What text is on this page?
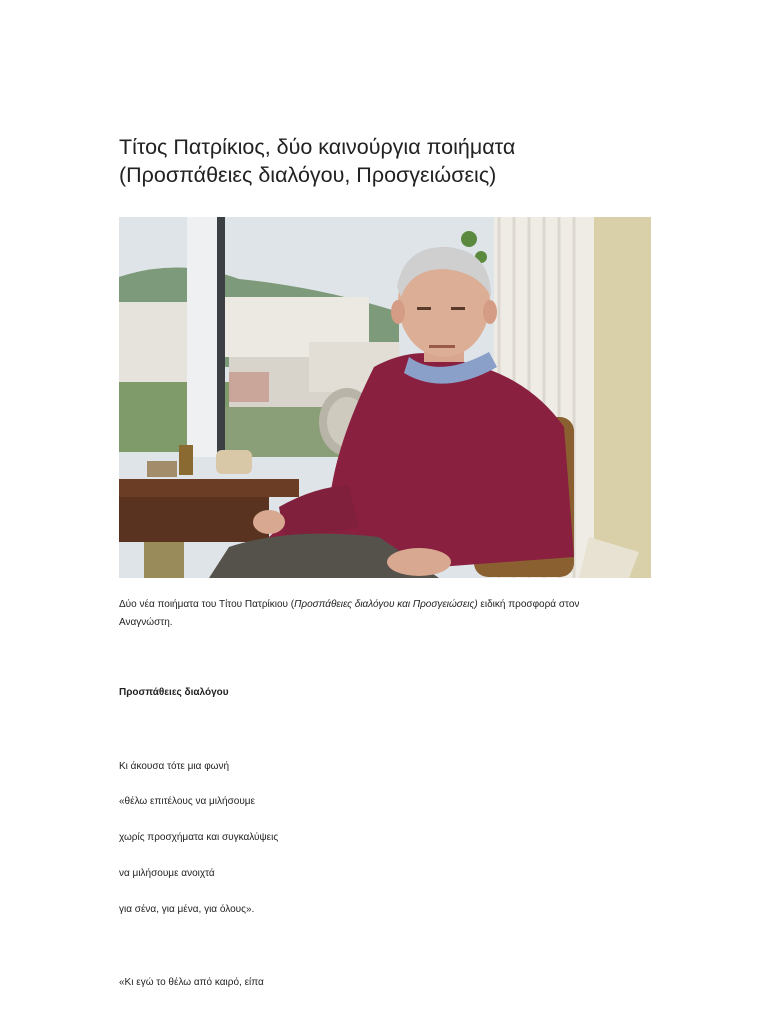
Τίτος Πατρίκιος, δύο καινούργια ποιήματα
(Προσπάθειες διαλόγου, Προσγειώσεις)
Δύο νέα ποιήματα του Τίτου Πατρίκιου (Προσπάθειες διαλόγου και Προσγειώσεις) ειδική προσφορά στον
Αναγνώστη.
Προσπάθειες διαλόγου
Κι άκουσα τότε μια φωνή
«θέλω επιτέλους να μιλήσουμε
χωρίς προσχήματα και συγκαλύψεις
να μιλήσουμε ανοιχτά
για σένα, για μένα, για όλους».
«Κι εγώ το θέλω από καιρό, είπα
